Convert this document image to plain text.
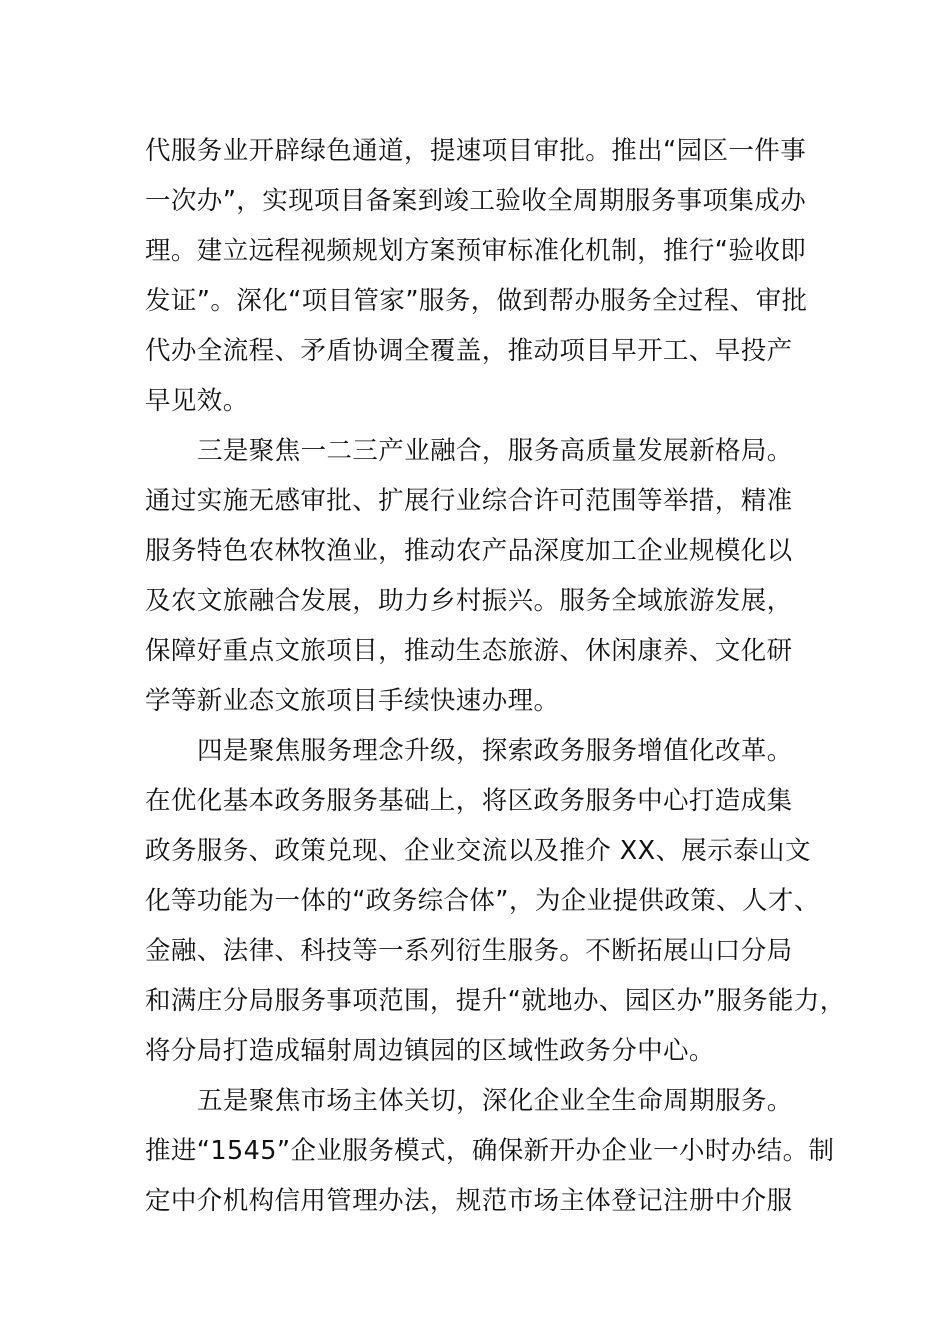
代服务业开辟绿色通道，提速项目审批。推出“园区一件事
一次办”，实现项目备案到竣工验收全周期服务事项集成办
理。建立远程视频规划方案预审标准化机制，推行“验收即
发证”。深化“项目管家”服务，做到帮办服务全过程、审批
代办全流程、矛盾协调全覆盖，推动项目早开工、早投产
早见效。
三是聚焦一二三产业融合，服务高质量发展新格局。
通过实施无感审批、扩展行业综合许可范围等举措，精准
服务特色农林牧渔业，推动农产品深度加工企业规模化以
及农文旅融合发展，助力乡村振兴。服务全域旅游发展，
保障好重点文旅项目，推动生态旅游、休闲康养、文化研
学等新业态文旅项目手续快速办理。
四是聚焦服务理念升级，探索政务服务增值化改革。
在优化基本政务服务基础上，将区政务服务中心打造成集
政务服务、政策兑现、企业交流以及推介 XX、展示泰山文
化等功能为一体的“政务综合体”，为企业提供政策、人才、
金融、法律、科技等一系列衍生服务。不断拓展山口分局
和满庄分局服务事项范围，提升“就地办、园区办”服务能力，
将分局打造成辐射周边镇园的区域性政务分中心。
五是聚焦市场主体关切，深化企业全生命周期服务。
推进“1545”企业服务模式，确保新开办企业一小时办结。制
定中介机构信用管理办法，规范市场主体登记注册中介服
